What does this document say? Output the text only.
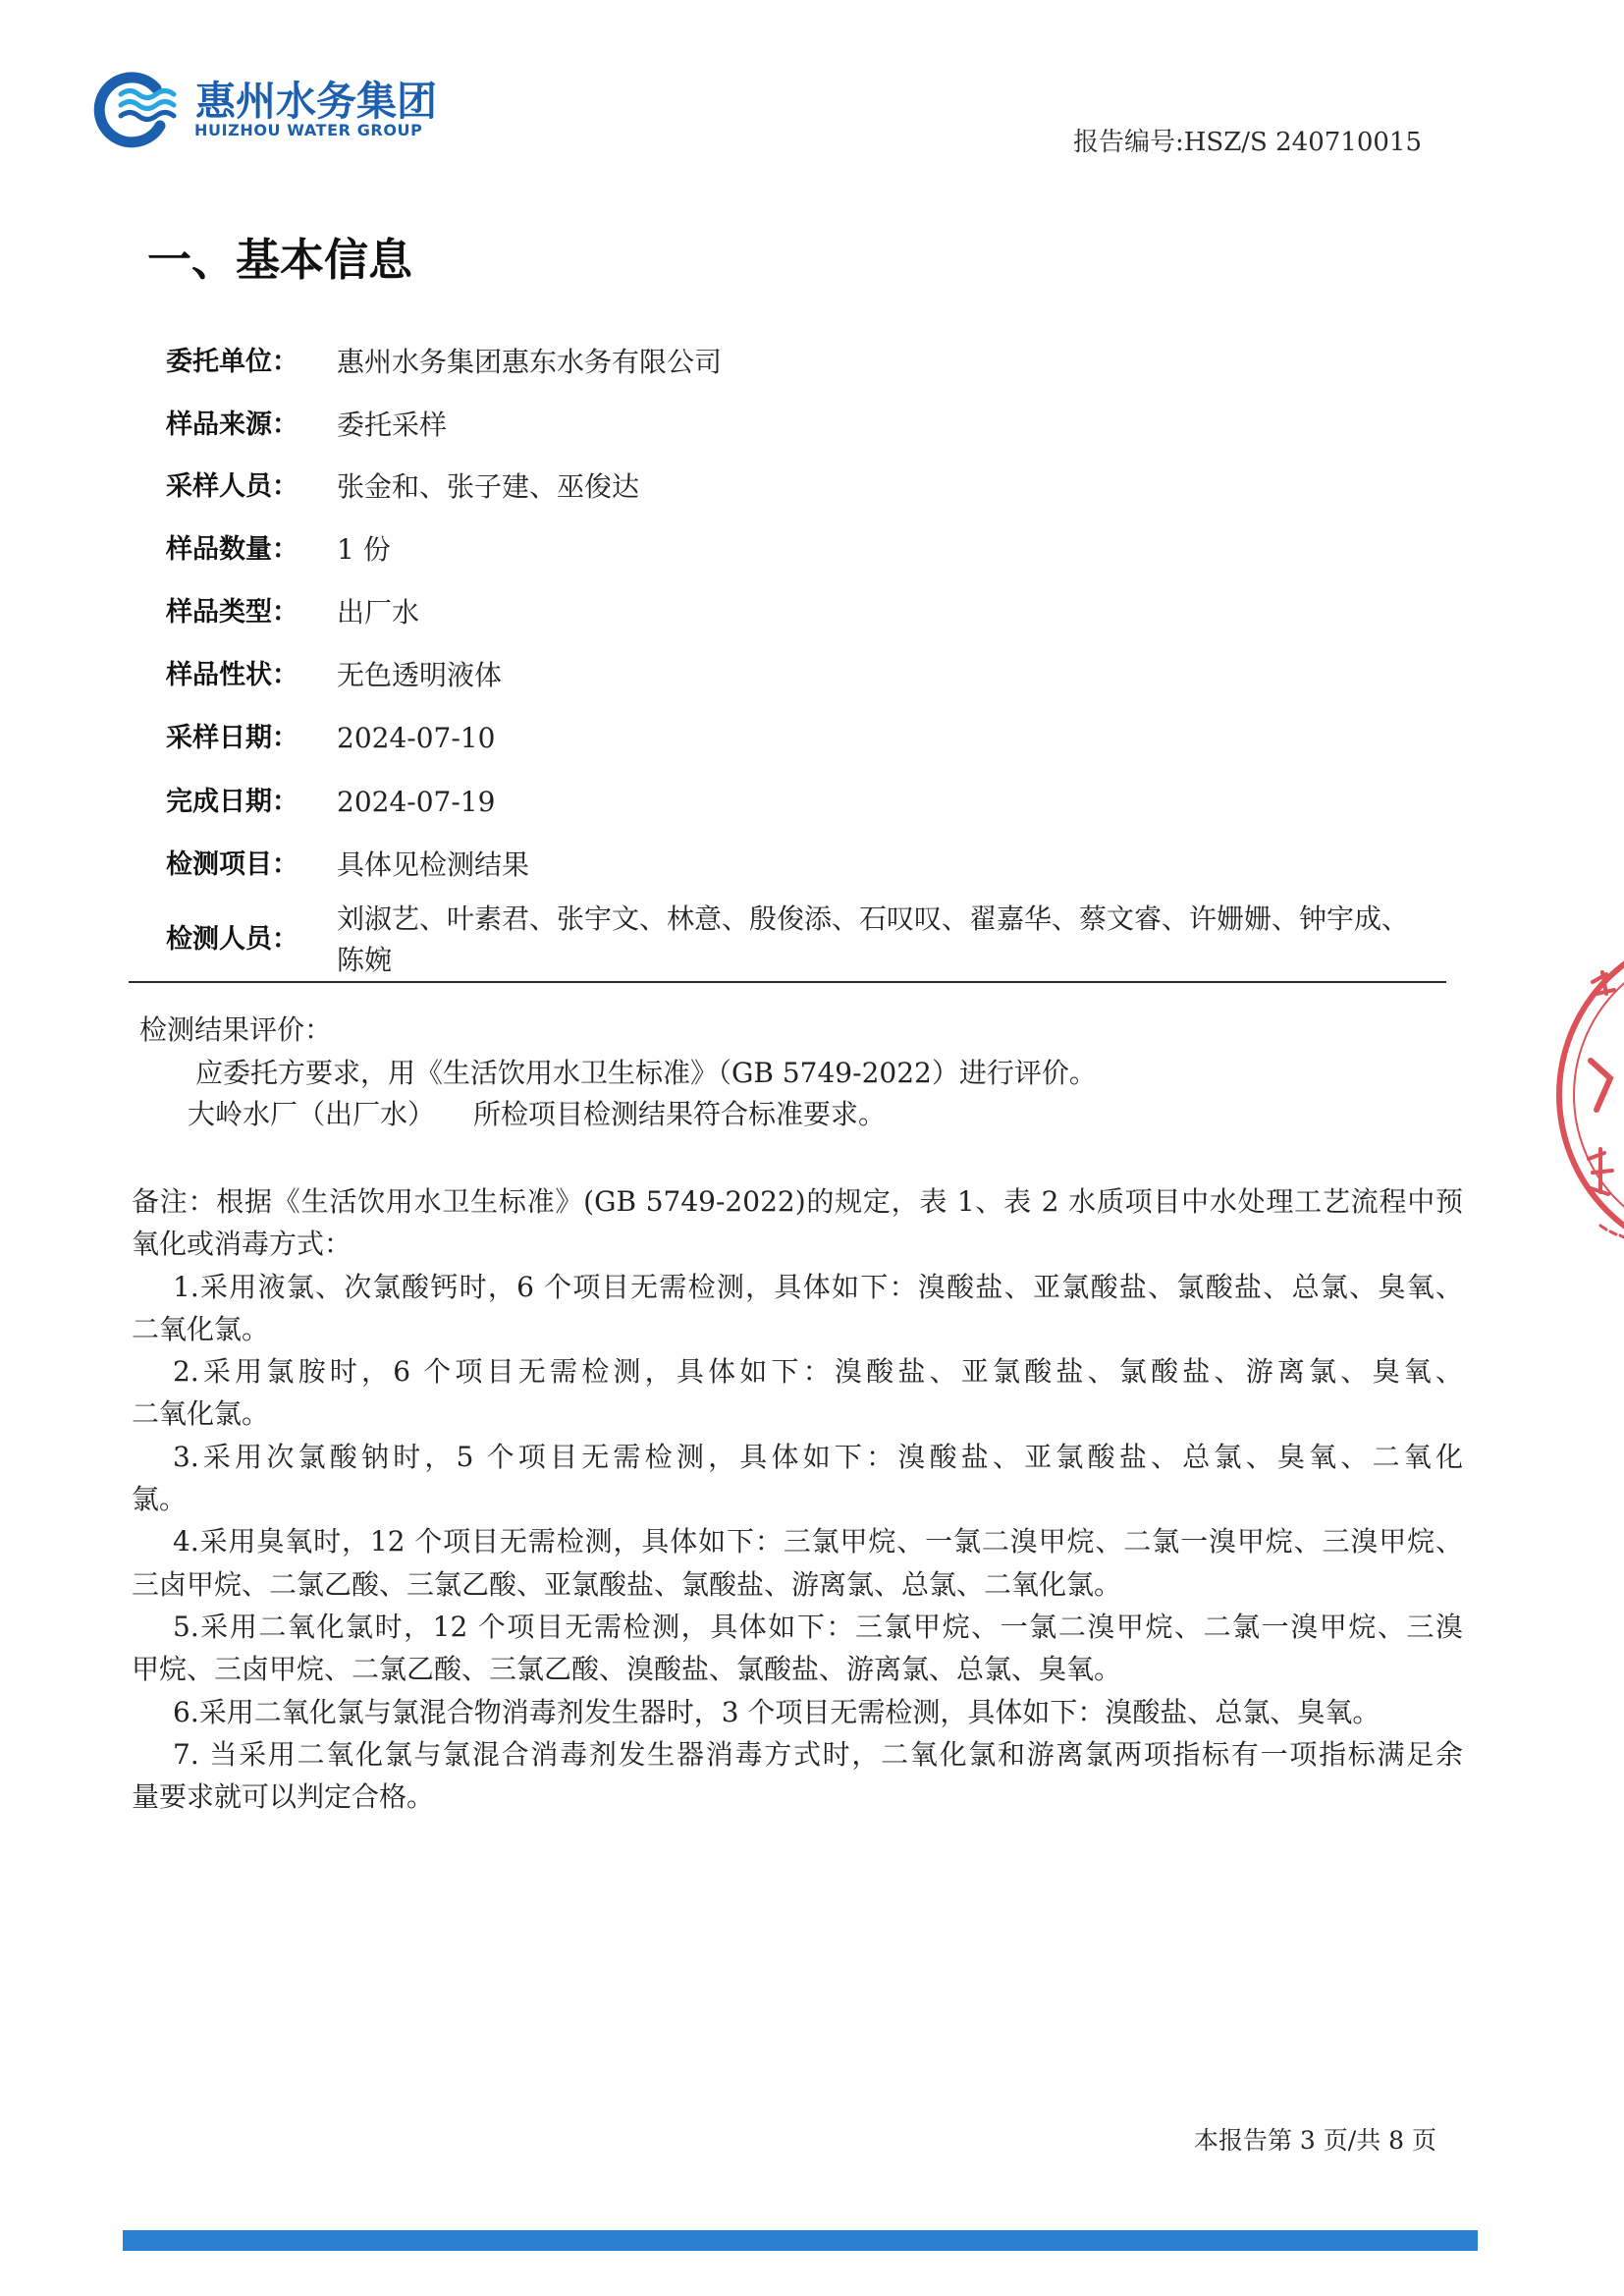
惠州水务集团
HUIZHOU WATER GROUP	报告编号:HSZ/S 240710015
一、基本信息
委托单位： 惠州水务集团惠东水务有限公司
样品来源： 委托采样
采样人员： 张金和、张子建、巫俊达
样品数量： 1 份
样品类型： 出厂水
样品性状： 无色透明液体
采样日期： 2024-07-10
完成日期： 2024-07-19
检测项目： 具体见检测结果
检测人员：
刘淑艺、叶素君、张宇文、林意、殷俊添、石叹叹、翟嘉华、蔡文睿、许姗姗、钟宇成、
陈婉
检测结果评价：
应委托方要求，用《生活饮用水卫生标准》（GB 5749-2022）进行评价。
大岭水厂（出厂水） 所检项目检测结果符合标准要求。
备注：根据《生活饮用水卫生标准》(GB 5749-2022)的规定，表 1、表 2 水质项目中水处理工艺流程中预
氧化或消毒方式：
1.采用液氯、次氯酸钙时，6 个项目无需检测，具体如下：溴酸盐、亚氯酸盐、氯酸盐、总氯、臭氧、
二氧化氯。
2.采用氯胺时，6 个项目无需检测，具体如下：溴酸盐、亚氯酸盐、氯酸盐、游离氯、臭氧、
二氧化氯。
3.采用次氯酸钠时，5 个项目无需检测，具体如下：溴酸盐、亚氯酸盐、总氯、臭氧、二氧化
氯。
4.采用臭氧时，12 个项目无需检测，具体如下：三氯甲烷、一氯二溴甲烷、二氯一溴甲烷、三溴甲烷、
三卤甲烷、二氯乙酸、三氯乙酸、亚氯酸盐、氯酸盐、游离氯、总氯、二氧化氯。
5.采用二氧化氯时，12 个项目无需检测，具体如下：三氯甲烷、一氯二溴甲烷、二氯一溴甲烷、三溴
甲烷、三卤甲烷、二氯乙酸、三氯乙酸、溴酸盐、氯酸盐、游离氯、总氯、臭氧。
6.采用二氧化氯与氯混合物消毒剂发生器时，3 个项目无需检测，具体如下：溴酸盐、总氯、臭氧。
7. 当采用二氧化氯与氯混合消毒剂发生器消毒方式时，二氧化氯和游离氯两项指标有一项指标满足余
量要求就可以判定合格。
本报告第 3 页/共 8 页
